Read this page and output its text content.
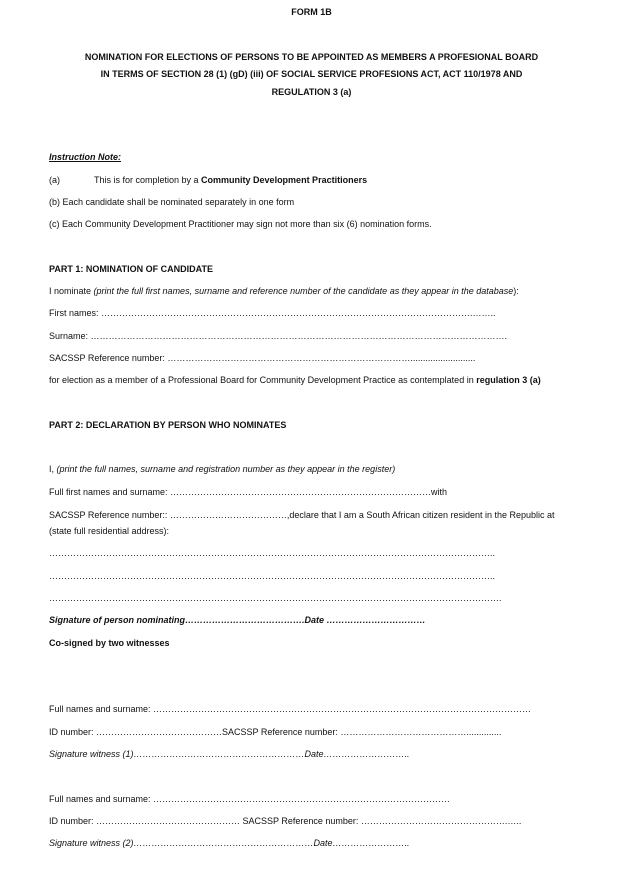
FORM 1B
NOMINATION FOR ELECTIONS OF PERSONS TO BE APPOINTED AS MEMBERS A PROFESIONAL BOARD
IN TERMS OF SECTION 28 (1) (gD) (iii) OF SOCIAL SERVICE PROFESIONS ACT, ACT 110/1978 AND
REGULATION 3 (a)
Instruction Note:
(a)	This is for completion by a Community Development Practitioners
(b) Each candidate shall be nominated separately in one form
(c) Each Community Development Practitioner may sign not more than six (6) nomination forms.
PART 1: NOMINATION OF CANDIDATE
I nominate (print the full first names, surname and reference number of the candidate as they appear in the database):
First names: …………………………………………………………………………………………………………….……..
Surname: ………………………………………………………………………………………………………………………….
SACSSP Reference number: ………………………………………………………………………..........................
for election as a member of a Professional Board for Community Development Practice as contemplated in regulation 3 (a)
PART 2: DECLARATION BY PERSON WHO NOMINATES
I, (print the full names, surname and registration number as they appear in the register)
Full first names and surname: ……………………………………………………………………………with
SACSSP Reference number:: …………………………………,declare that I am a South African citizen resident in the Republic at
(state full residential address):
…………………………………………………………………………………………………………………………………..
…………………………………………………………………………………………………………………………………..
…………………………………………………………………………………………………………………………………….
Signature of person nominating………………………………….Date ……………………………
Co-signed by two witnesses
Full names and surname: ………………………………………………………………………………………………………………
ID number: ……………………………………SACSSP Reference number: ……………………………………..............
Signature witness (1)…………………………………………………Date………………………..
Full names and surname: ………………………………………………………………………………………
ID number: ………………………………………… SACSSP Reference number: ………………………………………….…..
Signature witness (2)……………………………………………………Date……………………..
